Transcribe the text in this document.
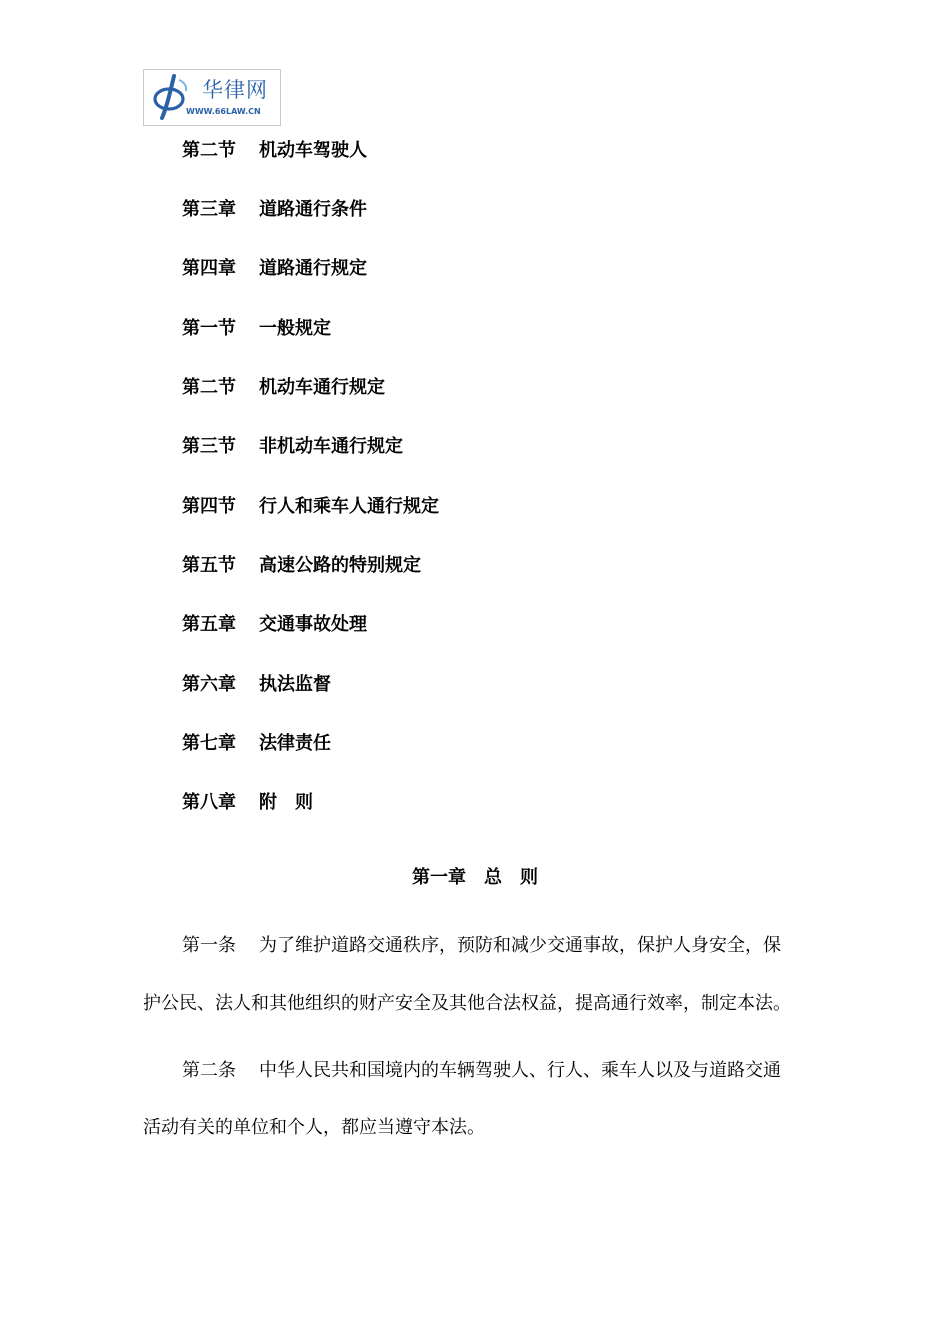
华律网
WWW.66LAW.CN
第二节 机动车驾驶人
第三章 道路通行条件
第四章 道路通行规定
第一节 一般规定
第二节 机动车通行规定
第三节 非机动车通行规定
第四节 行人和乘车人通行规定
第五节 高速公路的特别规定
第五章 交通事故处理
第六章 执法监督
第七章 法律责任
第八章 附　则
第一章　总　则
第一条 为了维护道路交通秩序，预防和减少交通事故，保护人身安全，保
护公民、法人和其他组织的财产安全及其他合法权益，提高通行效率，制定本法。
第二条 中华人民共和国境内的车辆驾驶人、行人、乘车人以及与道路交通
活动有关的单位和个人，都应当遵守本法。
